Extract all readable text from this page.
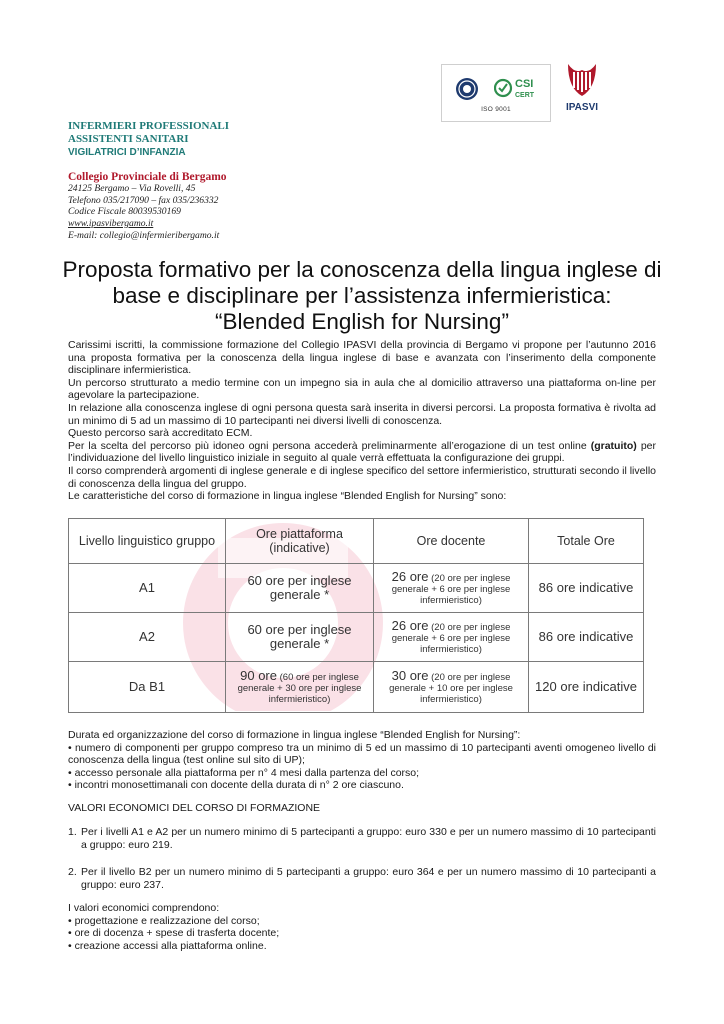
CSI
CERT
ISO 9001	IPASVI
INFERMIERI PROFESSIONALI
ASSISTENTI SANITARI
VIGILATRICI D’INFANZIA
Collegio Provinciale di Bergamo
24125 Bergamo – Via Rovelli, 45
Telefono 035/217090 – fax 035/236332
Codice Fiscale 80039530169
www.ipasvibergamo.it
E-mail: collegio@infermieribergamo.it
Proposta formativo per la conoscenza della lingua inglese di
base e disciplinare per l’assistenza infermieristica:
“Blended English for Nursing”

Carissimi iscritti, la commissione formazione del Collegio IPASVI della provincia di Bergamo vi propone per l’autunno 2016 una proposta formativa per la conoscenza della lingua inglese di base e avanzata con l’inserimento della componente disciplinare infermieristica.

Un percorso strutturato a medio termine con un impegno sia in aula che al domicilio attraverso una piattaforma on-line per agevolare la partecipazione.

In relazione alla conoscenza inglese di ogni persona questa sarà inserita in diversi percorsi. La proposta formativa è rivolta ad un minimo di 5 ad un massimo di 10 partecipanti nei diversi livelli di conoscenza.

Questo percorso sarà accreditato ECM.

Per la scelta del percorso più idoneo ogni persona accederà preliminarmente all’erogazione di un test online (gratuito) per l’individuazione del livello linguistico iniziale in seguito al quale verrà effettuata la configurazione dei gruppi.

Il corso comprenderà argomenti di inglese generale e di inglese specifico del settore infermieristico, strutturati secondo il livello di conoscenza della lingua del gruppo.

Le caratteristiche del corso di formazione in lingua inglese “Blended English for Nursing” sono:

Livello linguistico gruppo	Ore piattaforma
(indicative)	Ore docente	Totale Ore
A1	60 ore per inglese
generale *	26 ore (20 ore per inglese generale + 6 ore per inglese infermieristico)	86 ore indicative
A2	60 ore per inglese
generale *	26 ore (20 ore per inglese generale + 6 ore per inglese infermieristico)	86 ore indicative
Da B1	90 ore (60 ore per inglese generale + 30 ore per inglese infermieristico)	30 ore (20 ore per inglese generale + 10 ore per inglese infermieristico)	120 ore indicative

Durata ed organizzazione del corso di formazione in lingua inglese “Blended English for Nursing”:

• numero di componenti per gruppo compreso tra un minimo di 5 ed un massimo di 10 partecipanti aventi omogeneo livello di conoscenza della lingua (test online sul sito di UP);

• accesso personale alla piattaforma per n° 4 mesi dalla partenza del corso;

• incontri monosettimanali con docente della durata di n° 2 ore ciascuno.

VALORI ECONOMICI DEL CORSO DI FORMAZIONE
1. Per i livelli A1 e A2 per un numero minimo di 5 partecipanti a gruppo: euro 330 e per un numero massimo di 10 partecipanti a gruppo: euro 219.
2. Per il livello B2 per un numero minimo di 5 partecipanti a gruppo: euro 364 e per un numero massimo di 10 partecipanti a gruppo: euro 237.

I valori economici comprendono:

• progettazione e realizzazione del corso;

• ore di docenza + spese di trasferta docente;

• creazione accessi alla piattaforma online.
